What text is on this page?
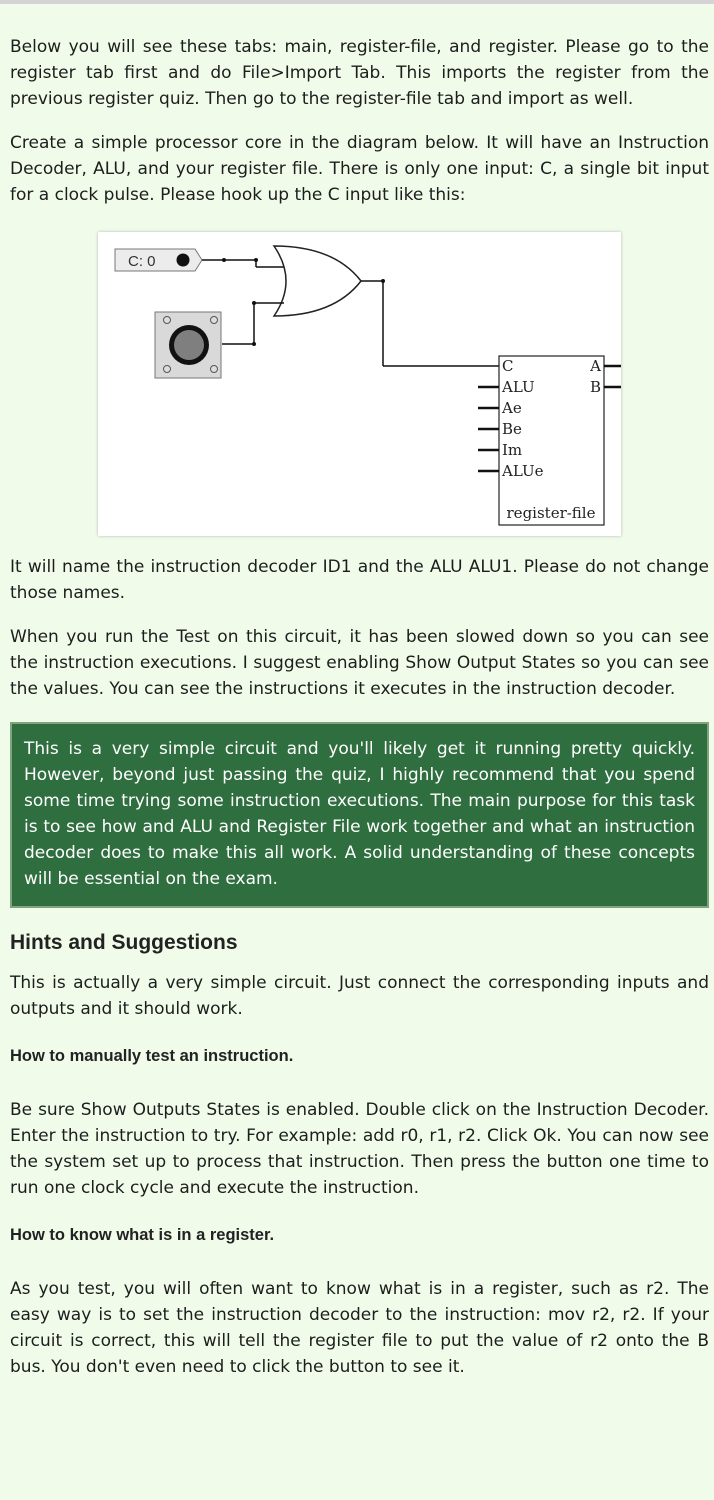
Below you will see these tabs: main, register-file, and register. Please go to the register tab first and do File>Import Tab. This imports the register from the previous register quiz. Then go to the register-file tab and import as well.

Create a simple processor core in the diagram below. It will have an Instruction Decoder, ALU, and your register file. There is only one input: C, a single bit input for a clock pulse. Please hook up the C input like this:

C: 0
C
ALU
Ae
Be
Im
ALUe
A
B
register-file

It will name the instruction decoder ID1 and the ALU ALU1. Please do not change those names.

When you run the Test on this circuit, it has been slowed down so you can see the instruction executions. I suggest enabling Show Output States so you can see the values. You can see the instructions it executes in the instruction decoder.

This is a very simple circuit and you'll likely get it running pretty quickly. However, beyond just passing the quiz, I highly recommend that you spend some time trying some instruction executions. The main purpose for this task is to see how and ALU and Register File work together and what an instruction decoder does to make this all work. A solid understanding of these concepts will be essential on the exam.

Hints and Suggestions

This is actually a very simple circuit. Just connect the corresponding inputs and outputs and it should work.

How to manually test an instruction.

Be sure Show Outputs States is enabled. Double click on the Instruction Decoder. Enter the instruction to try. For example: add r0, r1, r2. Click Ok. You can now see the system set up to process that instruction. Then press the button one time to run one clock cycle and execute the instruction.

How to know what is in a register.

As you test, you will often want to know what is in a register, such as r2. The easy way is to set the instruction decoder to the instruction: mov r2, r2. If your circuit is correct, this will tell the register file to put the value of r2 onto the B bus. You don't even need to click the button to see it.
